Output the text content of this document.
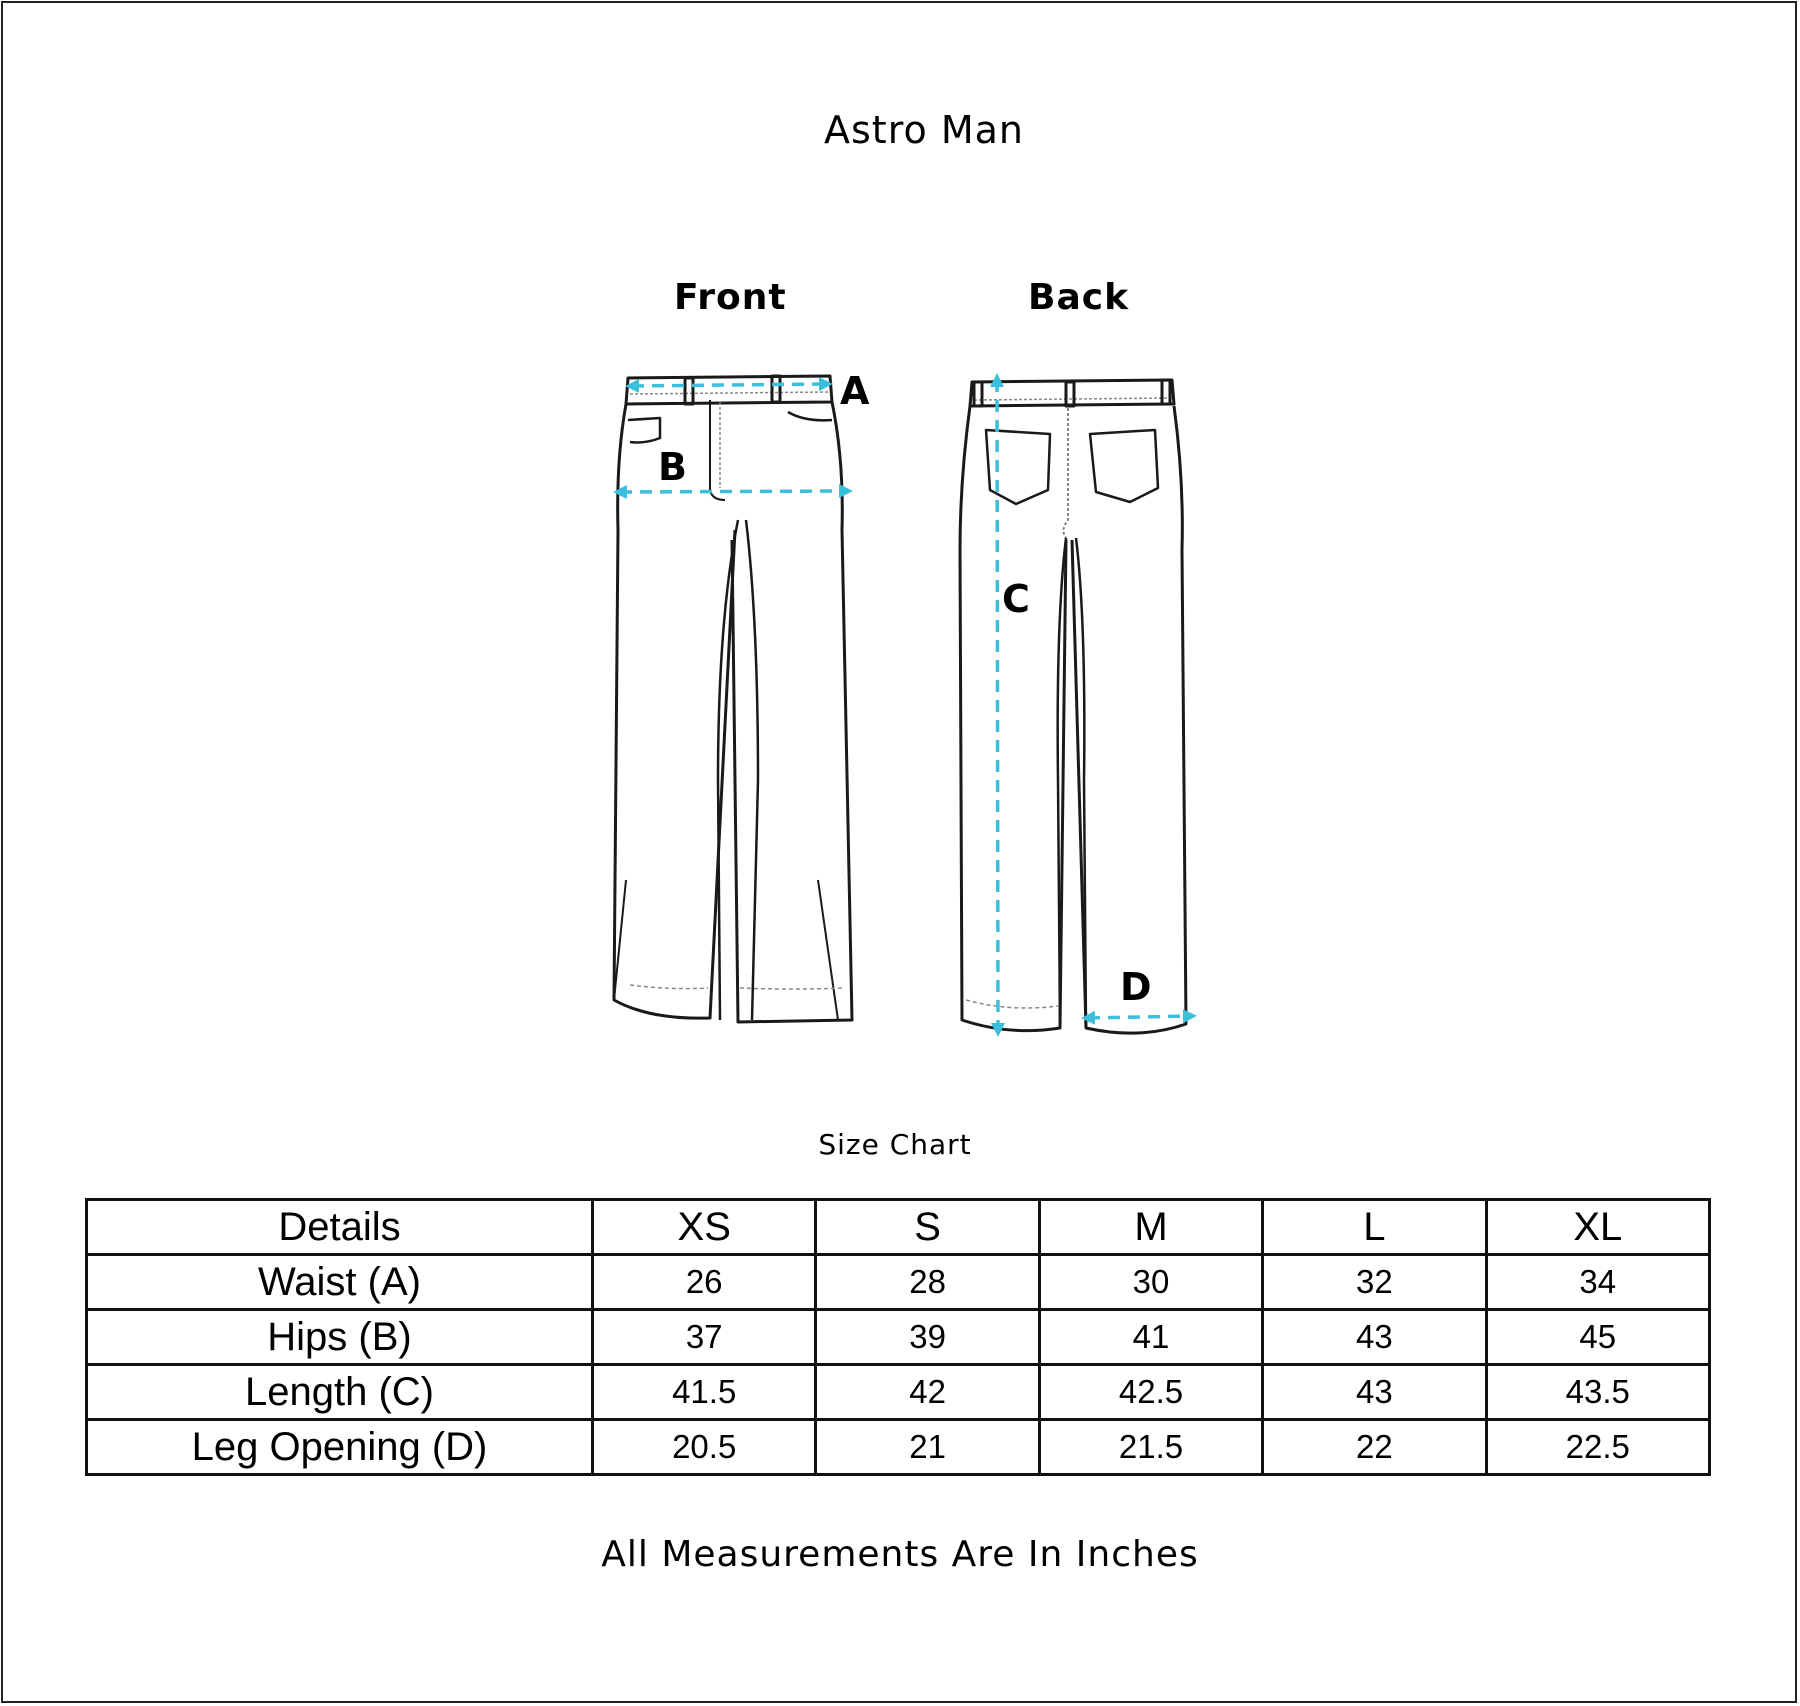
Astro Man
Front	Back
A
B
C
D
Size Chart
Details	XS	S	M	L	XL
Waist (A)	26	28	30	32	34
Hips (B)	37	39	41	43	45
Length (C)	41.5	42	42.5	43	43.5
Leg Opening (D)	20.5	21	21.5	22	22.5
All Measurements Are In Inches
